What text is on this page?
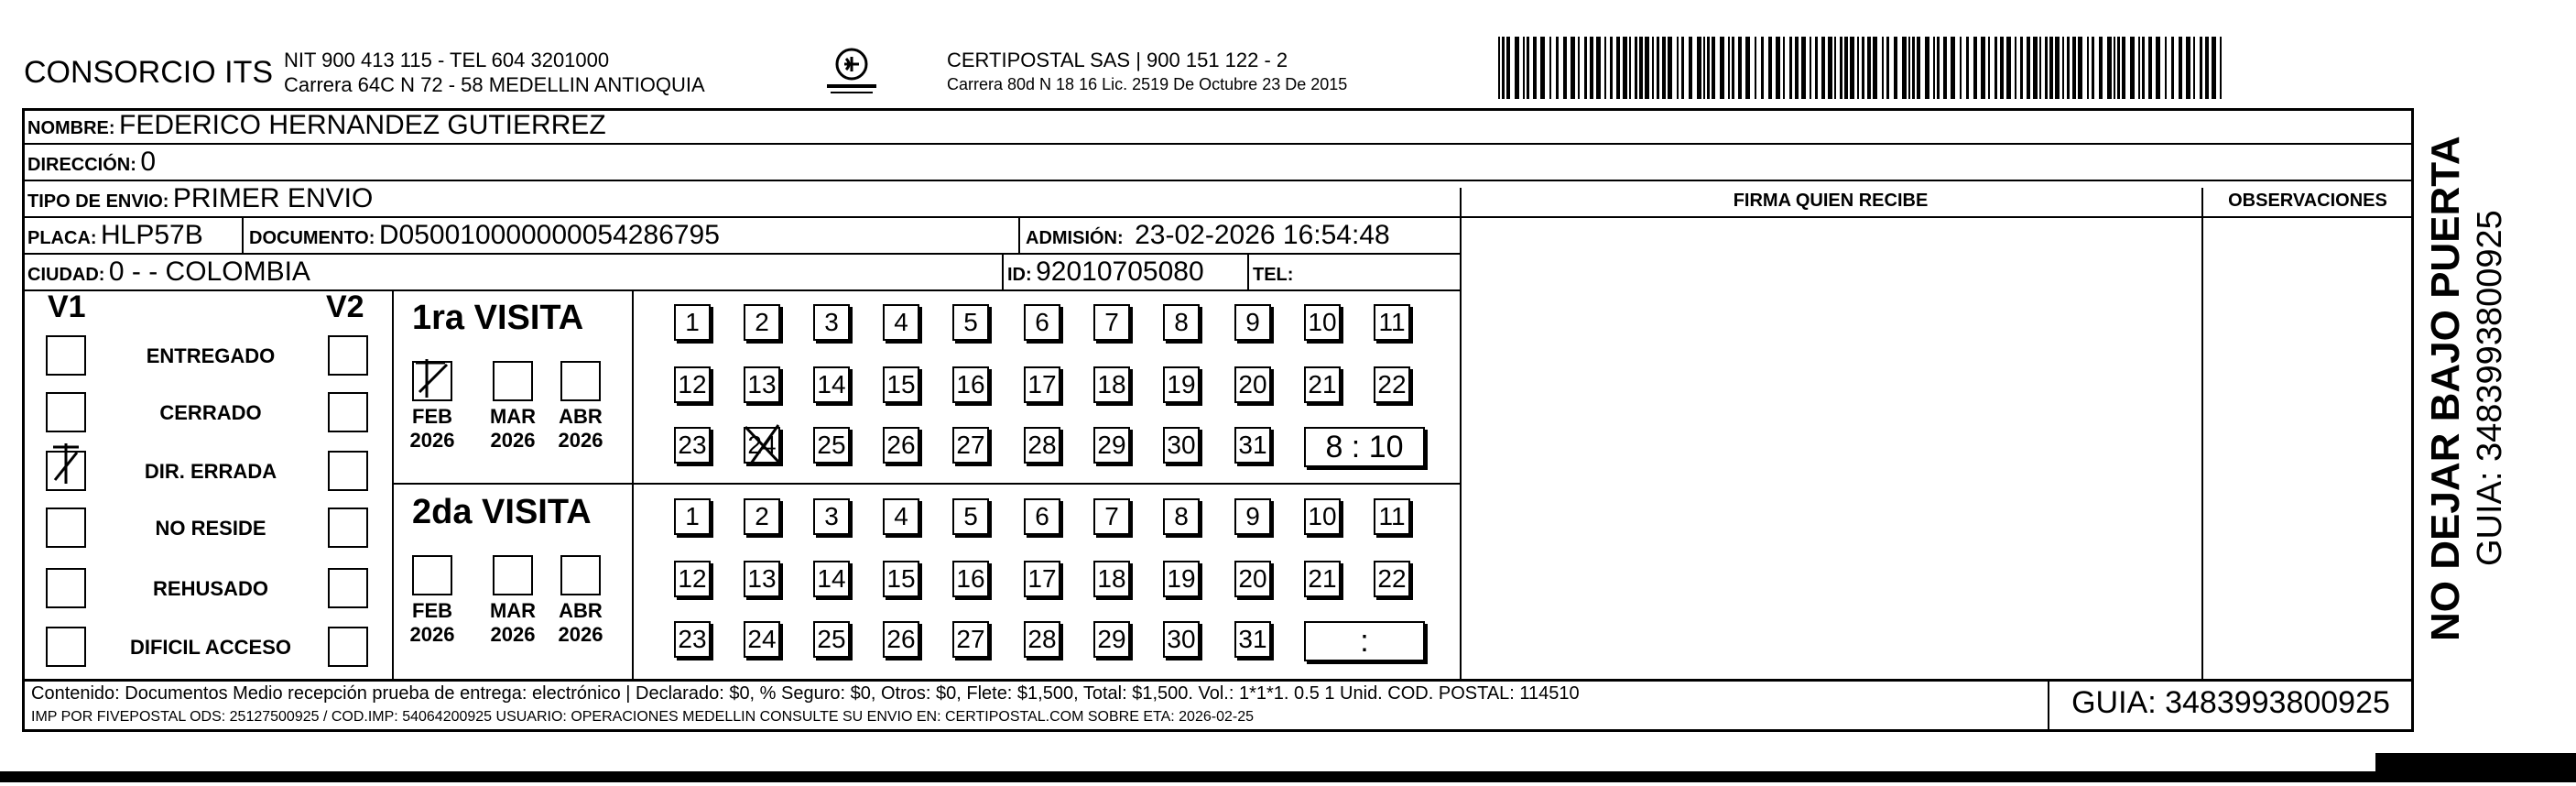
CONSORCIO ITS NIT 900 413 115 - TEL 604 3201000
Carrera 64C N 72 - 58 MEDELLIN ANTIOQUIA
CERTIPOSTAL SAS | 900 151 122 - 2
Carrera 80d N 18 16 Lic. 2519 De Octubre 23 De 2015
NOMBRE: FEDERICO HERNANDEZ GUTIERREZ
DIRECCIÓN: 0
TIPO DE ENVIO: PRIMER ENVIO	FIRMA QUIEN RECIBE	OBSERVACIONES
PLACA: HLP57B	DOCUMENTO: D050010000000054286795	ADMISIÓN: 23-02-2026 16:54:48
CIUDAD: 0 - - COLOMBIA	ID: 92010705080	TEL:
V1	V2
ENTREGADO
CERRADO
DIR. ERRADA
NO RESIDE
REHUSADO
DIFICIL ACCESO
1ra VISITA
FEB
2026
MAR
2026
ABR
2026
1	2	3	4	5	6	7	8	9	10 11
12 13 14 15 16 17 18 19 20 21 22
23 24 25 26 27 28 29 30 31	8 : 10
2da VISITA
FEB
2026
MAR
2026
ABR
2026
1	2	3	4	5	6	7	8	9	10 11
12 13 14 15 16 17 18 19 20 21 22
23 24 25 26 27 28 29 30 31	:
Contenido: Documentos Medio recepción prueba de entrega: electrónico | Declarado: $0, % Seguro: $0, Otros: $0, Flete: $1,500, Total: $1,500. Vol.: 1*1*1. 0.5 1 Unid. COD. POSTAL: 114510
IMP POR FIVEPOSTAL ODS: 25127500925 / COD.IMP: 54064200925 USUARIO: OPERACIONES MEDELLIN CONSULTE SU ENVIO EN: CERTIPOSTAL.COM SOBRE ETA: 2026-02-25	GUIA: 3483993800925
NO DEJAR BAJO PUERTA GUIA: 3483993800925
